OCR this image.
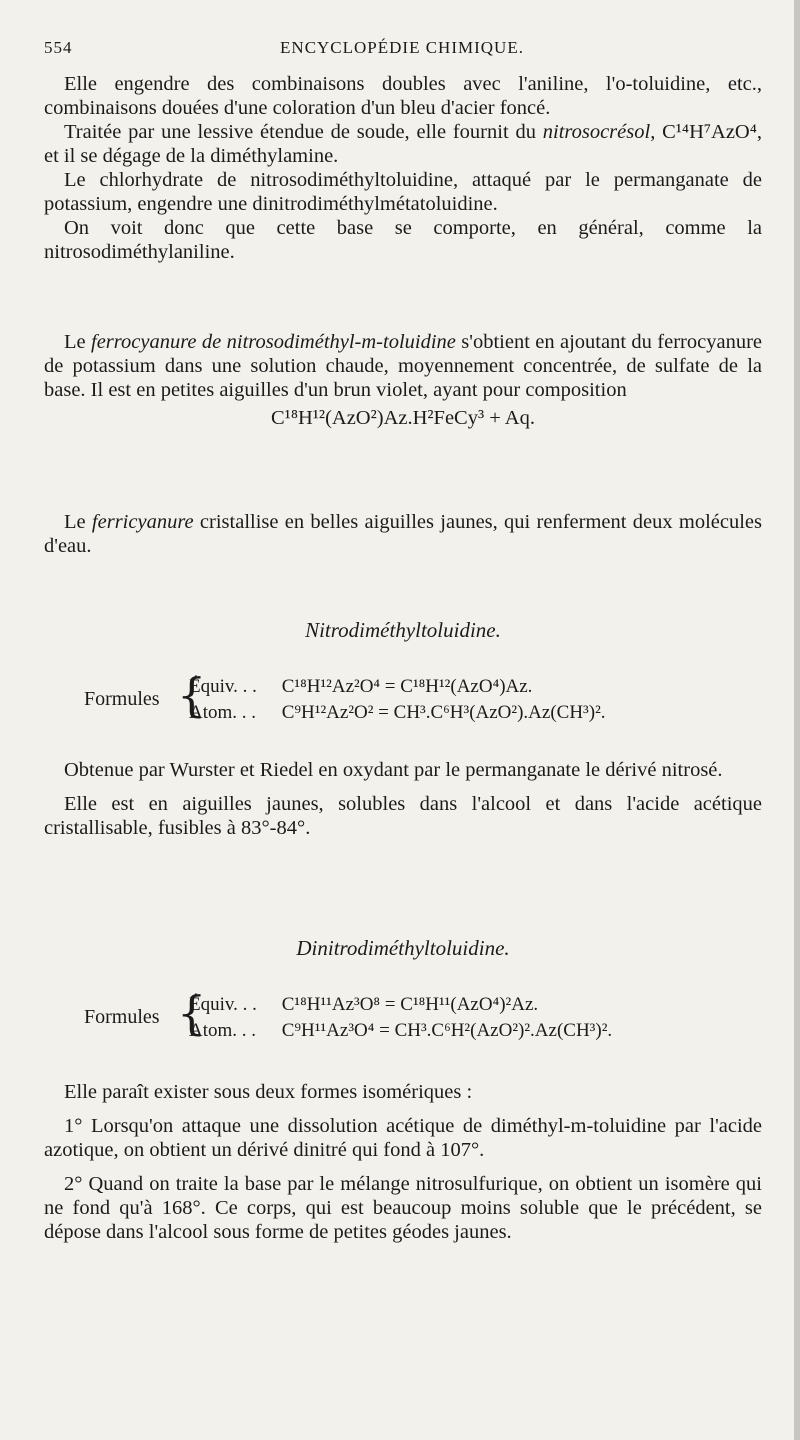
554	ENCYCLOPÉDIE CHIMIQUE.

Elle engendre des combinaisons doubles avec l'aniline, l'o-toluidine, etc., combinaisons douées d'une coloration d'un bleu d'acier foncé.

Traitée par une lessive étendue de soude, elle fournit du nitrosocrésol, C¹⁴H⁷AzO⁴, et il se dégage de la diméthylamine.

Le chlorhydrate de nitrosodiméthyltoluidine, attaqué par le permanganate de potassium, engendre une dinitrodiméthylmétatoluidine.

On voit donc que cette base se comporte, en général, comme la nitrosodiméthylaniline.

Le ferrocyanure de nitrosodiméthyl-m-toluidine s'obtient en ajoutant du ferrocyanure de potassium dans une solution chaude, moyennement concentrée, de sulfate de la base. Il est en petites aiguilles d'un brun violet, ayant pour composition

C¹⁸H¹²(AzO²)Az.H²FeCy³ + Aq.

Le ferricyanure cristallise en belles aiguilles jaunes, qui renferment deux molécules d'eau.

Nitrodiméthyltoluidine.
Formules {
Équiv. . . C¹⁸H¹²Az²O⁴ = C¹⁸H¹²(AzO⁴)Az.
Atom. . . C⁹H¹²Az²O² = CH³.C⁶H³(AzO²).Az(CH³)².

Obtenue par Wurster et Riedel en oxydant par le permanganate le dérivé nitrosé.

Elle est en aiguilles jaunes, solubles dans l'alcool et dans l'acide acétique cristallisable, fusibles à 83°-84°.

Dinitrodiméthyltoluidine.
Formules {
Équiv. . . C¹⁸H¹¹Az³O⁸ = C¹⁸H¹¹(AzO⁴)²Az.
Atom. . . C⁹H¹¹Az³O⁴ = CH³.C⁶H²(AzO²)².Az(CH³)².

Elle paraît exister sous deux formes isomériques :

1° Lorsqu'on attaque une dissolution acétique de diméthyl-m-toluidine par l'acide azotique, on obtient un dérivé dinitré qui fond à 107°.

2° Quand on traite la base par le mélange nitrosulfurique, on obtient un isomère qui ne fond qu'à 168°. Ce corps, qui est beaucoup moins soluble que le précédent, se dépose dans l'alcool sous forme de petites géodes jaunes.
